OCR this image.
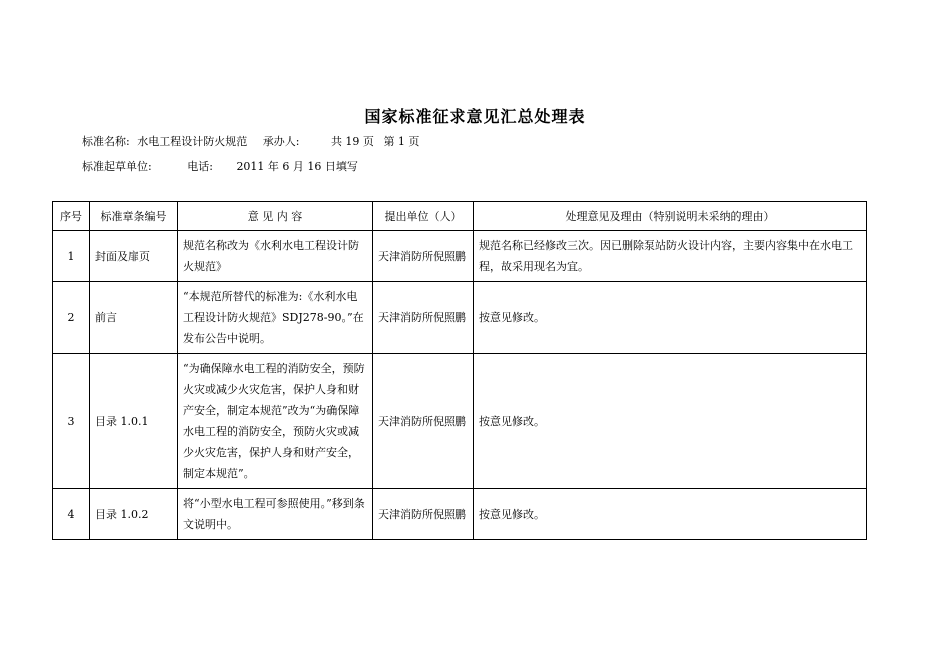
国家标准征求意见汇总处理表
标准名称: 水电工程设计防火规范 承办人:	共 19 页 第 1 页
标准起草单位:	电话: 2011 年 6 月 16 日填写
序号	标准章条编号	意 见 内 容	提出单位（人）	处理意见及理由（特别说明未采纳的理由）
1	封面及扉页	规范名称改为《水利水电工程设计防火规范》	天津消防所倪照鹏	规范名称已经修改三次。因已删除泵站防火设计内容，主要内容集中在水电工程，故采用现名为宜。
2	前言	“本规范所替代的标准为:《水利水电工程设计防火规范》SDJ278-90。”在发布公告中说明。	天津消防所倪照鹏	按意见修改。
3	目录 1.0.1	“为确保障水电工程的消防安全，预防火灾或减少火灾危害，保护人身和财产安全，制定本规范”改为“为确保障水电工程的消防安全，预防火灾或减少火灾危害，保护人身和财产安全，制定本规范”。	天津消防所倪照鹏	按意见修改。
4	目录 1.0.2	将“小型水电工程可参照使用。”移到条文说明中。	天津消防所倪照鹏	按意见修改。
